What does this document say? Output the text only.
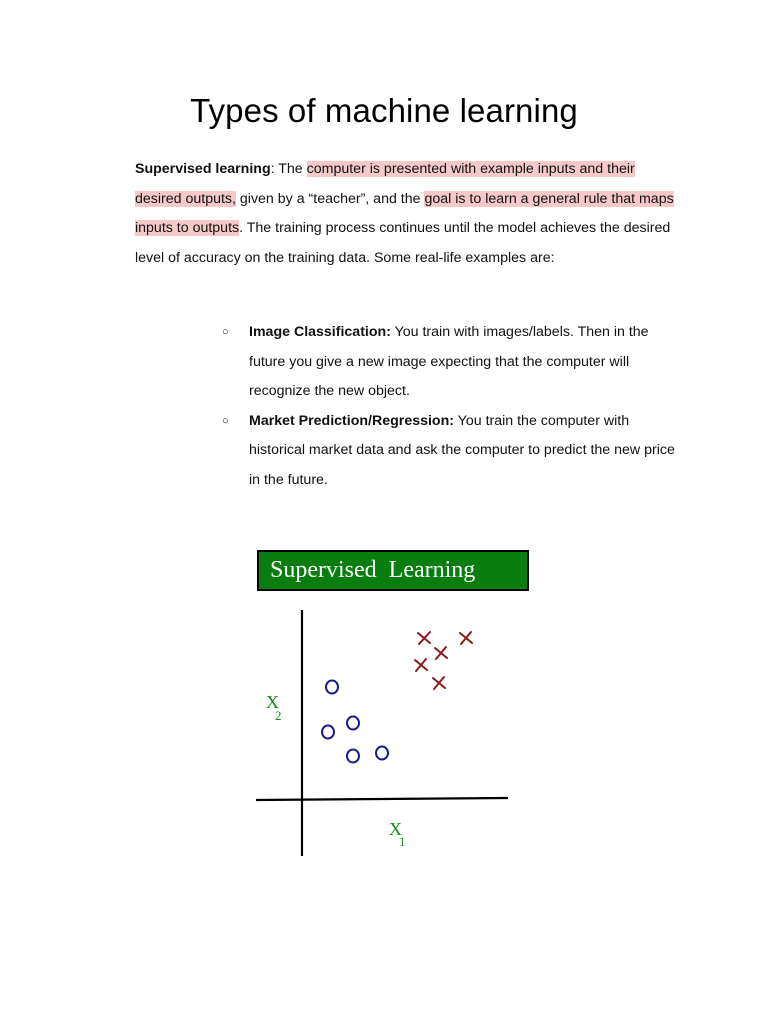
Types of machine learning

Supervised learning: The computer is presented with example inputs and their desired outputs, given by a “teacher”, and the goal is to learn a general rule that maps inputs to outputs. The training process continues until the model achieves the desired level of accuracy on the training data. Some real-life examples are:

○ Image Classification: You train with images/labels. Then in the future you give a new image expecting that the computer will recognize the new object.
○ Market Prediction/Regression: You train the computer with historical market data and ask the computer to predict the new price in the future.
Supervised  Learning
X
2
X
1
